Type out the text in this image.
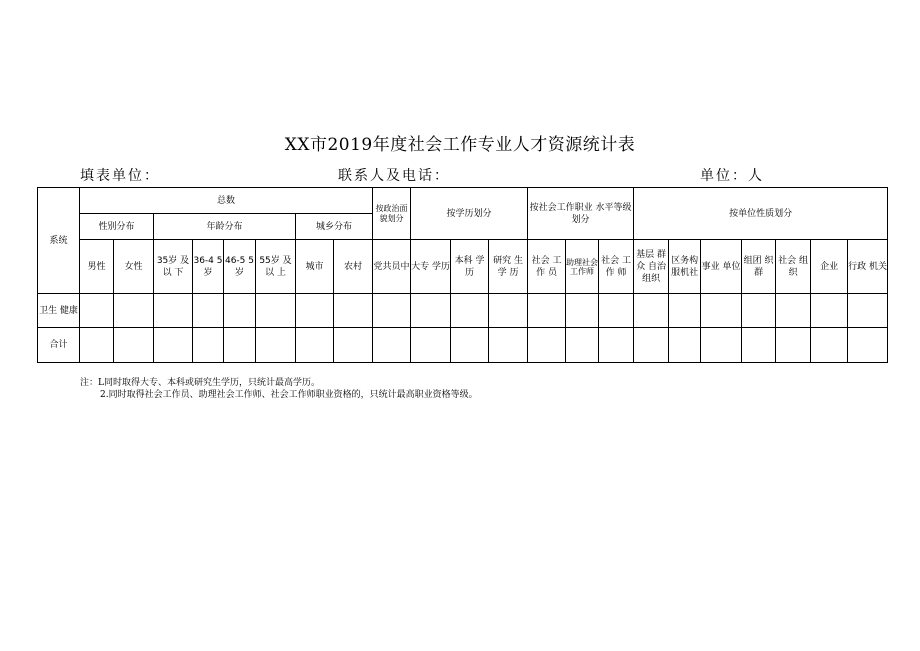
XX市2019年度社会工作专业人才资源统计表
填表单位：	联系人及电话：	单位：人
系统	总数								按政治面貌划分	按学历划分			按社会工作职业 水平等级划分			按单位性质划分						
	性别分布		年龄分布				城乡分布															
	男性	女性	35岁 及以 下	36-4 5岁	46-5 5岁	55岁 及以 上	城市	农村	党共员中	大专 学历	本科 学历	研究 生学 历	社会 工作 员	助理社会工作师	社会 工作 师	基层 群众 自治 组织	区务构 服机社	事业 单位	组团 织 群	社会 组织	企业	行政 机关
卫生 健康																						
合计																						
注：L同时取得大专、本科或研究生学历，只统计最高学历。
2.同时取得社会工作员、助理社会工作师、社会工作师职业资格的，只统计最高职业资格等级。
